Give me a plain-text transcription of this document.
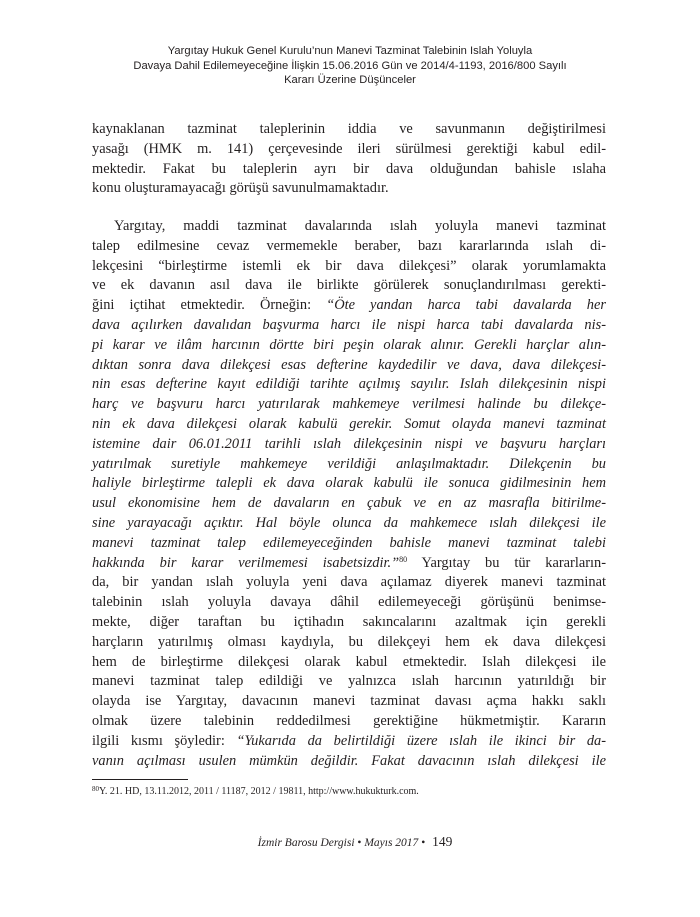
Yargıtay Hukuk Genel Kurulu’nun Manevi Tazminat Talebinin Islah Yoluyla
Davaya Dahil Edilemeyeceğine İlişkin 15.06.2016 Gün ve 2014/4-1193, 2016/800 Sayılı
Kararı Üzerine Düşünceler
kaynaklanan tazminat taleplerinin iddia ve savunmanın değiştirilmesi
yasağı (HMK m. 141) çerçevesinde ileri sürülmesi gerektiği kabul edil-
mektedir. Fakat bu taleplerin ayrı bir dava olduğundan bahisle ıslaha
konu oluşturamayacağı görüşü savunulmamaktadır.
Yargıtay, maddi tazminat davalarında ıslah yoluyla manevi tazminat
talep edilmesine cevaz vermemekle beraber, bazı kararlarında ıslah di-
lekçesini “birleştirme istemli ek bir dava dilekçesi” olarak yorumlamakta
ve ek davanın asıl dava ile birlikte görülerek sonuçlandırılması gerekti-
ğini içtihat etmektedir. Örneğin: “Öte yandan harca tabi davalarda her
dava açılırken davalıdan başvurma harcı ile nispi harca tabi davalarda nis-
pi karar ve ilâm harcının dörtte biri peşin olarak alınır. Gerekli harçlar alın-
dıktan sonra dava dilekçesi esas defterine kaydedilir ve dava, dava dilekçesi-
nin esas defterine kayıt edildiği tarihte açılmış sayılır. Islah dilekçesinin nispi
harç ve başvuru harcı yatırılarak mahkemeye verilmesi halinde bu dilekçe-
nin ek dava dilekçesi olarak kabulü gerekir. Somut olayda manevi tazminat
istemine dair 06.01.2011 tarihli ıslah dilekçesinin nispi ve başvuru harçları
yatırılmak suretiyle mahkemeye verildiği anlaşılmaktadır. Dilekçenin bu
haliyle birleştirme talepli ek dava olarak kabulü ile sonuca gidilmesinin hem
usul ekonomisine hem de davaların en çabuk ve en az masrafla bitirilme-
sine yarayacağı açıktır. Hal böyle olunca da mahkemece ıslah dilekçesi ile
manevi tazminat talep edilemeyeceğinden bahisle manevi tazminat talebi
hakkında bir karar verilmemesi isabetsizdir.”$^{80}$ Yargıtay bu tür kararların-
da, bir yandan ıslah yoluyla yeni dava açılamaz diyerek manevi tazminat
talebinin ıslah yoluyla davaya dâhil edilemeyeceği görüşünü benimse-
mekte, diğer taraftan bu içtihadın sakıncalarını azaltmak için gerekli
harçların yatırılmış olması kaydıyla, bu dilekçeyi hem ek dava dilekçesi
hem de birleştirme dilekçesi olarak kabul etmektedir. Islah dilekçesi ile
manevi tazminat talep edildiği ve yalnızca ıslah harcının yatırıldığı bir
olayda ise Yargıtay, davacının manevi tazminat davası açma hakkı saklı
olmak üzere talebinin reddedilmesi gerektiğine hükmetmiştir. Kararın
ilgili kısmı şöyledir: “Yukarıda da belirtildiği üzere ıslah ile ikinci bir da-
vanın açılması usulen mümkün değildir. Fakat davacının ıslah dilekçesi ile
$^{80}$Y. 21. HD, 13.11.2012, 2011 / 11187, 2012 / 19811, http://www.hukukturk.com.
İzmir Barosu Dergisi • Mayıs 2017 • 149
